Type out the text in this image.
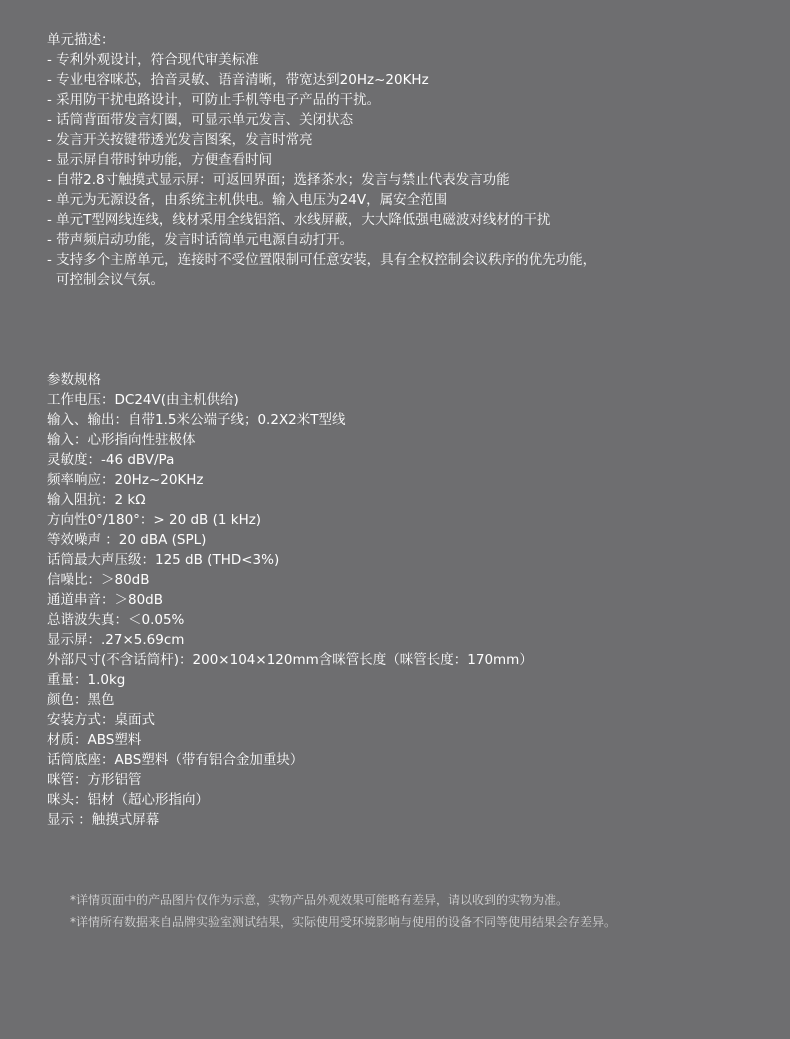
单元描述：
- 专利外观设计，符合现代审美标准
- 专业电容咪芯，拾音灵敏、语音清晰，带宽达到20Hz~20KHz
- 采用防干扰电路设计，可防止手机等电子产品的干扰。
- 话筒背面带发言灯圈，可显示单元发言、关闭状态
- 发言开关按键带透光发言图案，发言时常亮
- 显示屏自带时钟功能，方便查看时间
- 自带2.8寸触摸式显示屏：可返回界面；选择茶水；发言与禁止代表发言功能
- 单元为无源设备，由系统主机供电。输入电压为24V，属安全范围
- 单元T型网线连线，线材采用全线铝箔、水线屏蔽，大大降低强电磁波对线材的干扰
- 带声频启动功能，发言时话筒单元电源自动打开。
- 支持多个主席单元，连接时不受位置限制可任意安装，具有全权控制会议秩序的优先功能，
可控制会议气氛。
参数规格
工作电压：DC24V(由主机供给)
输入、输出：自带1.5米公端子线；0.2X2米T型线
输入：心形指向性驻极体
灵敏度：-46 dBV/Pa
频率响应：20Hz~20KHz
输入阻抗：2 kΩ
方向性0°/180°：> 20 dB (1 kHz)
等效噪声 ：20 dBA (SPL)
话筒最大声压级：125 dB (THD<3%)
信噪比：＞80dB
通道串音：＞80dB
总谐波失真：＜0.05%
显示屏：.27×5.69cm
外部尺寸(不含话筒杆)：200×104×120mm含咪管长度（咪管长度：170mm）
重量：1.0kg
颜色：黑色
安装方式：桌面式
材质：ABS塑料
话筒底座：ABS塑料（带有铝合金加重块）
咪管：方形铝管
咪头：铝材（超心形指向）
显示 ：触摸式屏幕
*详情页面中的产品图片仅作为示意，实物产品外观效果可能略有差异，请以收到的实物为准。
*详情所有数据来自品牌实验室测试结果，实际使用受环境影响与使用的设备不同等使用结果会存差异。
